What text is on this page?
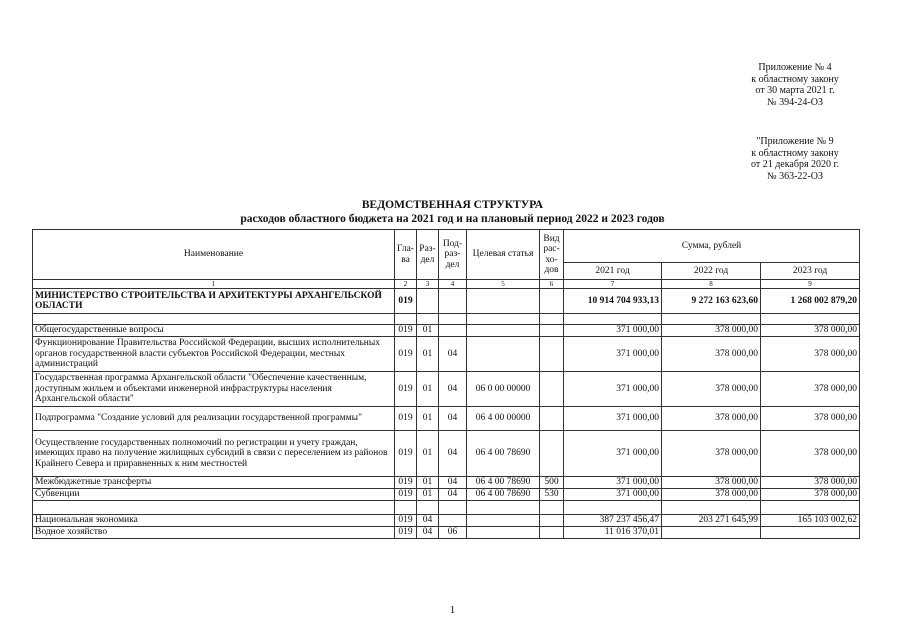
Приложение № 4
к областному закону
от 30 марта 2021 г.
№ 394-24-ОЗ
"Приложение № 9
к областному закону
от 21 декабря 2020 г.
№ 363-22-ОЗ
ВЕДОМСТВЕННАЯ СТРУКТУРА
расходов областного бюджета на 2021 год и на плановый период 2022 и 2023 годов
Наименование	Гла-ва	Раз-дел	Под-раз-дел	Целевая статья	Вид рас-хо-дов	Сумма, рублей		
						2021 год	2022 год	2023 год
1	2	3	4	5	6	7	8	9
МИНИСТЕРСТВО СТРОИТЕЛЬСТВА И АРХИТЕКТУРЫ АРХАНГЕЛЬСКОЙ ОБЛАСТИ	019					10 914 704 933,13	9 272 163 623,60	1 268 002 879,20

Общегосударственные вопросы	019	01				371 000,00	378 000,00	378 000,00
Функционирование Правительства Российской Федерации, высших исполнительных органов государственной власти субъектов Российской Федерации, местных администраций	019	01	04			371 000,00	378 000,00	378 000,00
Государственная программа Архангельской области "Обеспечение качественным, доступным жильем и объектами инженерной инфраструктуры населения Архангельской области"	019	01	04	06 0 00 00000		371 000,00	378 000,00	378 000,00
Подпрограмма "Создание условий для реализации государственной программы"	019	01	04	06 4 00 00000		371 000,00	378 000,00	378 000,00
Осуществление государственных полномочий по регистрации и учету граждан, имеющих право на получение жилищных субсидий в связи с переселением из районов Крайнего Севера и приравненных к ним местностей	019	01	04	06 4 00 78690		371 000,00	378 000,00	378 000,00
Межбюджетные трансферты	019	01	04	06 4 00 78690	500	371 000,00	378 000,00	378 000,00
Субвенции	019	01	04	06 4 00 78690	530	371 000,00	378 000,00	378 000,00

Национальная экономика	019	04				387 237 456,47	203 271 645,99	165 103 002,62
Водное хозяйство	019	04	06			11 016 370,01		
1
